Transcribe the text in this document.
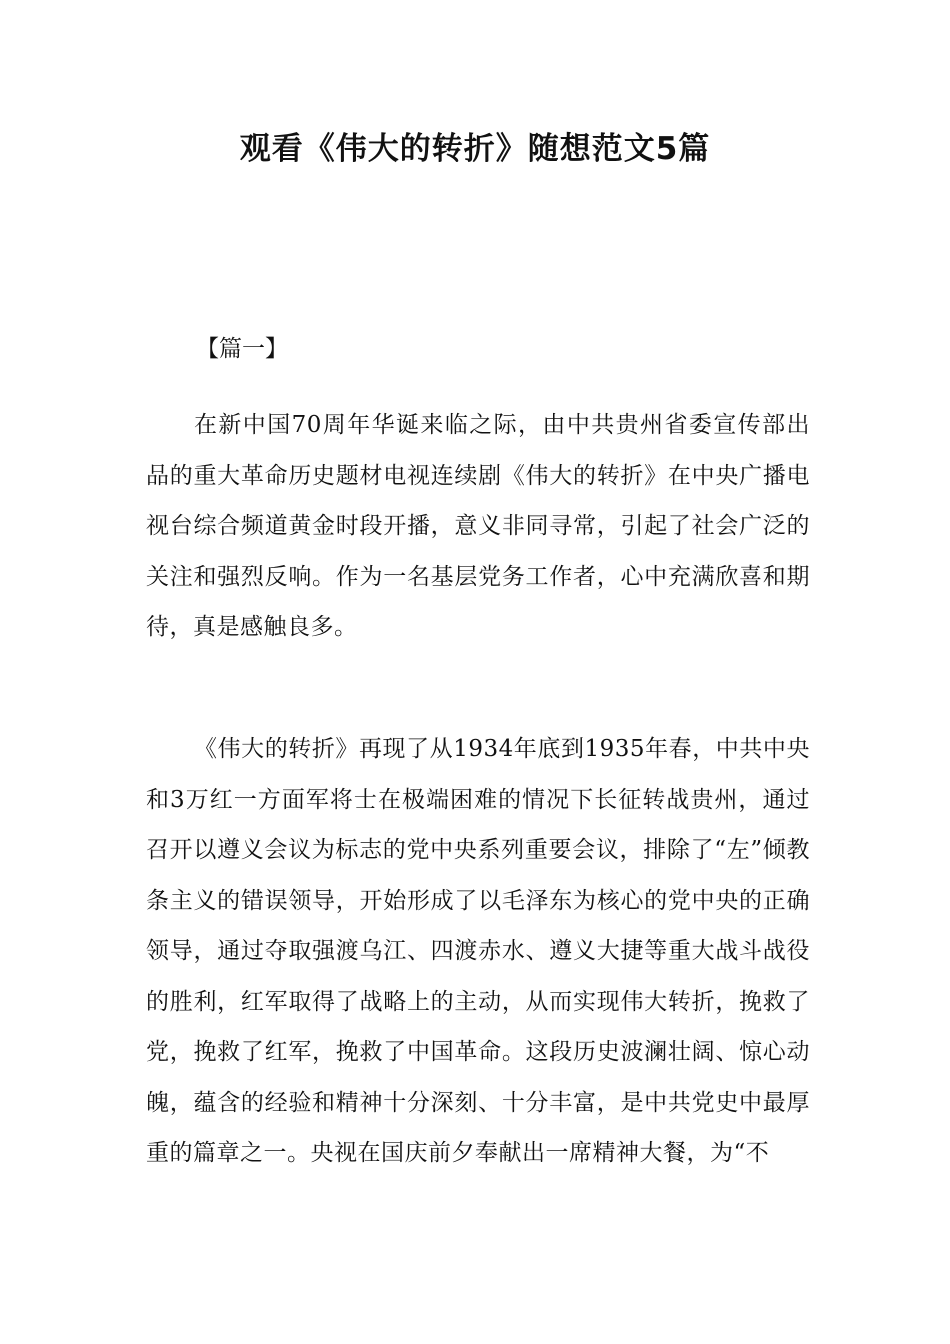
观看《伟大的转折》随想范文5篇
【篇一】

在新中国70周年华诞来临之际，由中共贵州省委宣传部出品的重大革命历史题材电视连续剧《伟大的转折》在中央广播电视台综合频道黄金时段开播，意义非同寻常，引起了社会广泛的关注和强烈反响。作为一名基层党务工作者，心中充满欣喜和期待，真是感触良多。

《伟大的转折》再现了从1934年底到1935年春，中共中央和3万红一方面军将士在极端困难的情况下长征转战贵州，通过召开以遵义会议为标志的党中央系列重要会议，排除了“左”倾教条主义的错误领导，开始形成了以毛泽东为核心的党中央的正确领导，通过夺取强渡乌江、四渡赤水、遵义大捷等重大战斗战役的胜利，红军取得了战略上的主动，从而实现伟大转折，挽救了党，挽救了红军，挽救了中国革命。这段历史波澜壮阔、惊心动魄，蕴含的经验和精神十分深刻、十分丰富，是中共党史中最厚重的篇章之一。央视在国庆前夕奉献出一席精神大餐，为“不
